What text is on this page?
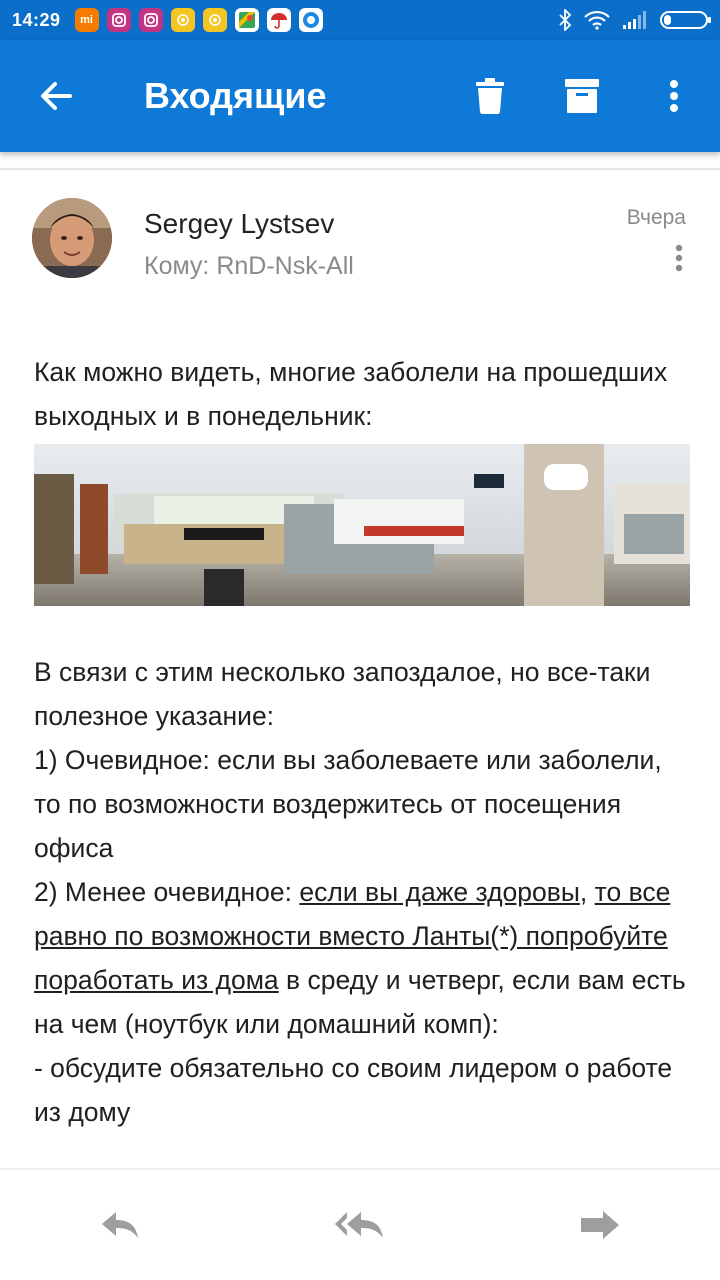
14:29	mi
Входящие
Sergey Lystsev
Кому: RnD-Nsk-All
Вчера
Как можно видеть, многие заболели на прошедших выходных и в понедельник:
В связи с этим несколько запоздалое, но все-таки полезное указание:
1) Очевидное: если вы заболеваете или заболели, то по возможности воздержитесь от посещения офиса
2) Менее очевидное: если вы даже здоровы, то все равно по возможности вместо Ланты(*) попробуйте поработать из дома в среду и четверг, если вам есть на чем (ноутбук или домашний комп):
- обсудите обязательно со своим лидером о работе из дому
